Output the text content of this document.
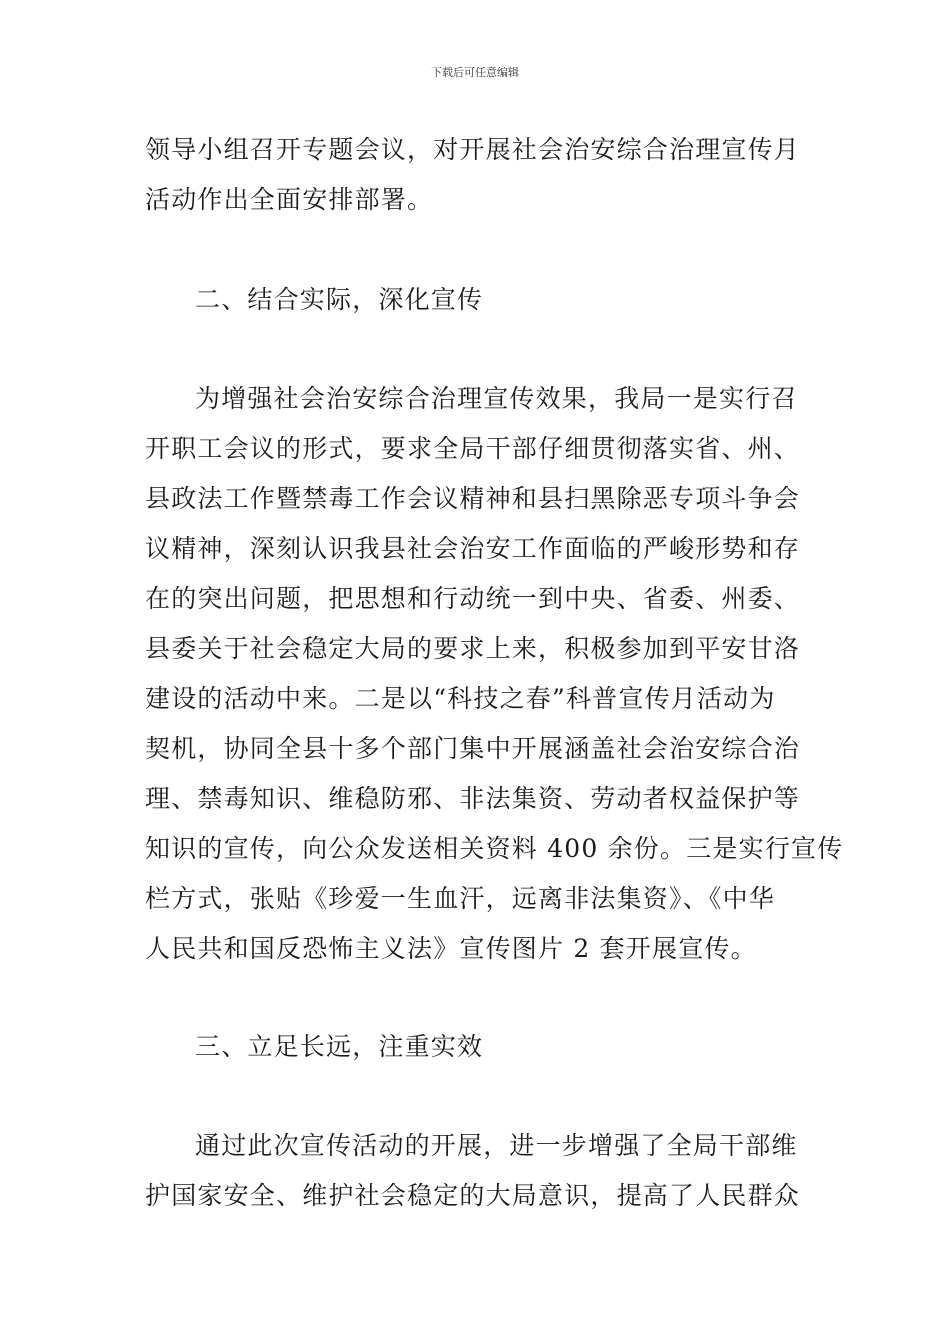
下载后可任意编辑
领导小组召开专题会议，对开展社会治安综合治理宣传月
活动作出全面安排部署。
二、结合实际，深化宣传
为增强社会治安综合治理宣传效果，我局一是实行召
开职工会议的形式，要求全局干部仔细贯彻落实省、州、
县政法工作暨禁毒工作会议精神和县扫黑除恶专项斗争会
议精神，深刻认识我县社会治安工作面临的严峻形势和存
在的突出问题，把思想和行动统一到中央、省委、州委、
县委关于社会稳定大局的要求上来，积极参加到平安甘洛
建设的活动中来。二是以“科技之春”科普宣传月活动为
契机，协同全县十多个部门集中开展涵盖社会治安综合治
理、禁毒知识、维稳防邪、非法集资、劳动者权益保护等
知识的宣传，向公众发送相关资料 400 余份。三是实行宣传
栏方式，张贴《珍爱一生血汗，远离非法集资》、《中华
人民共和国反恐怖主义法》宣传图片 2 套开展宣传。
三、立足长远，注重实效
通过此次宣传活动的开展，进一步增强了全局干部维
护国家安全、维护社会稳定的大局意识，提高了人民群众
